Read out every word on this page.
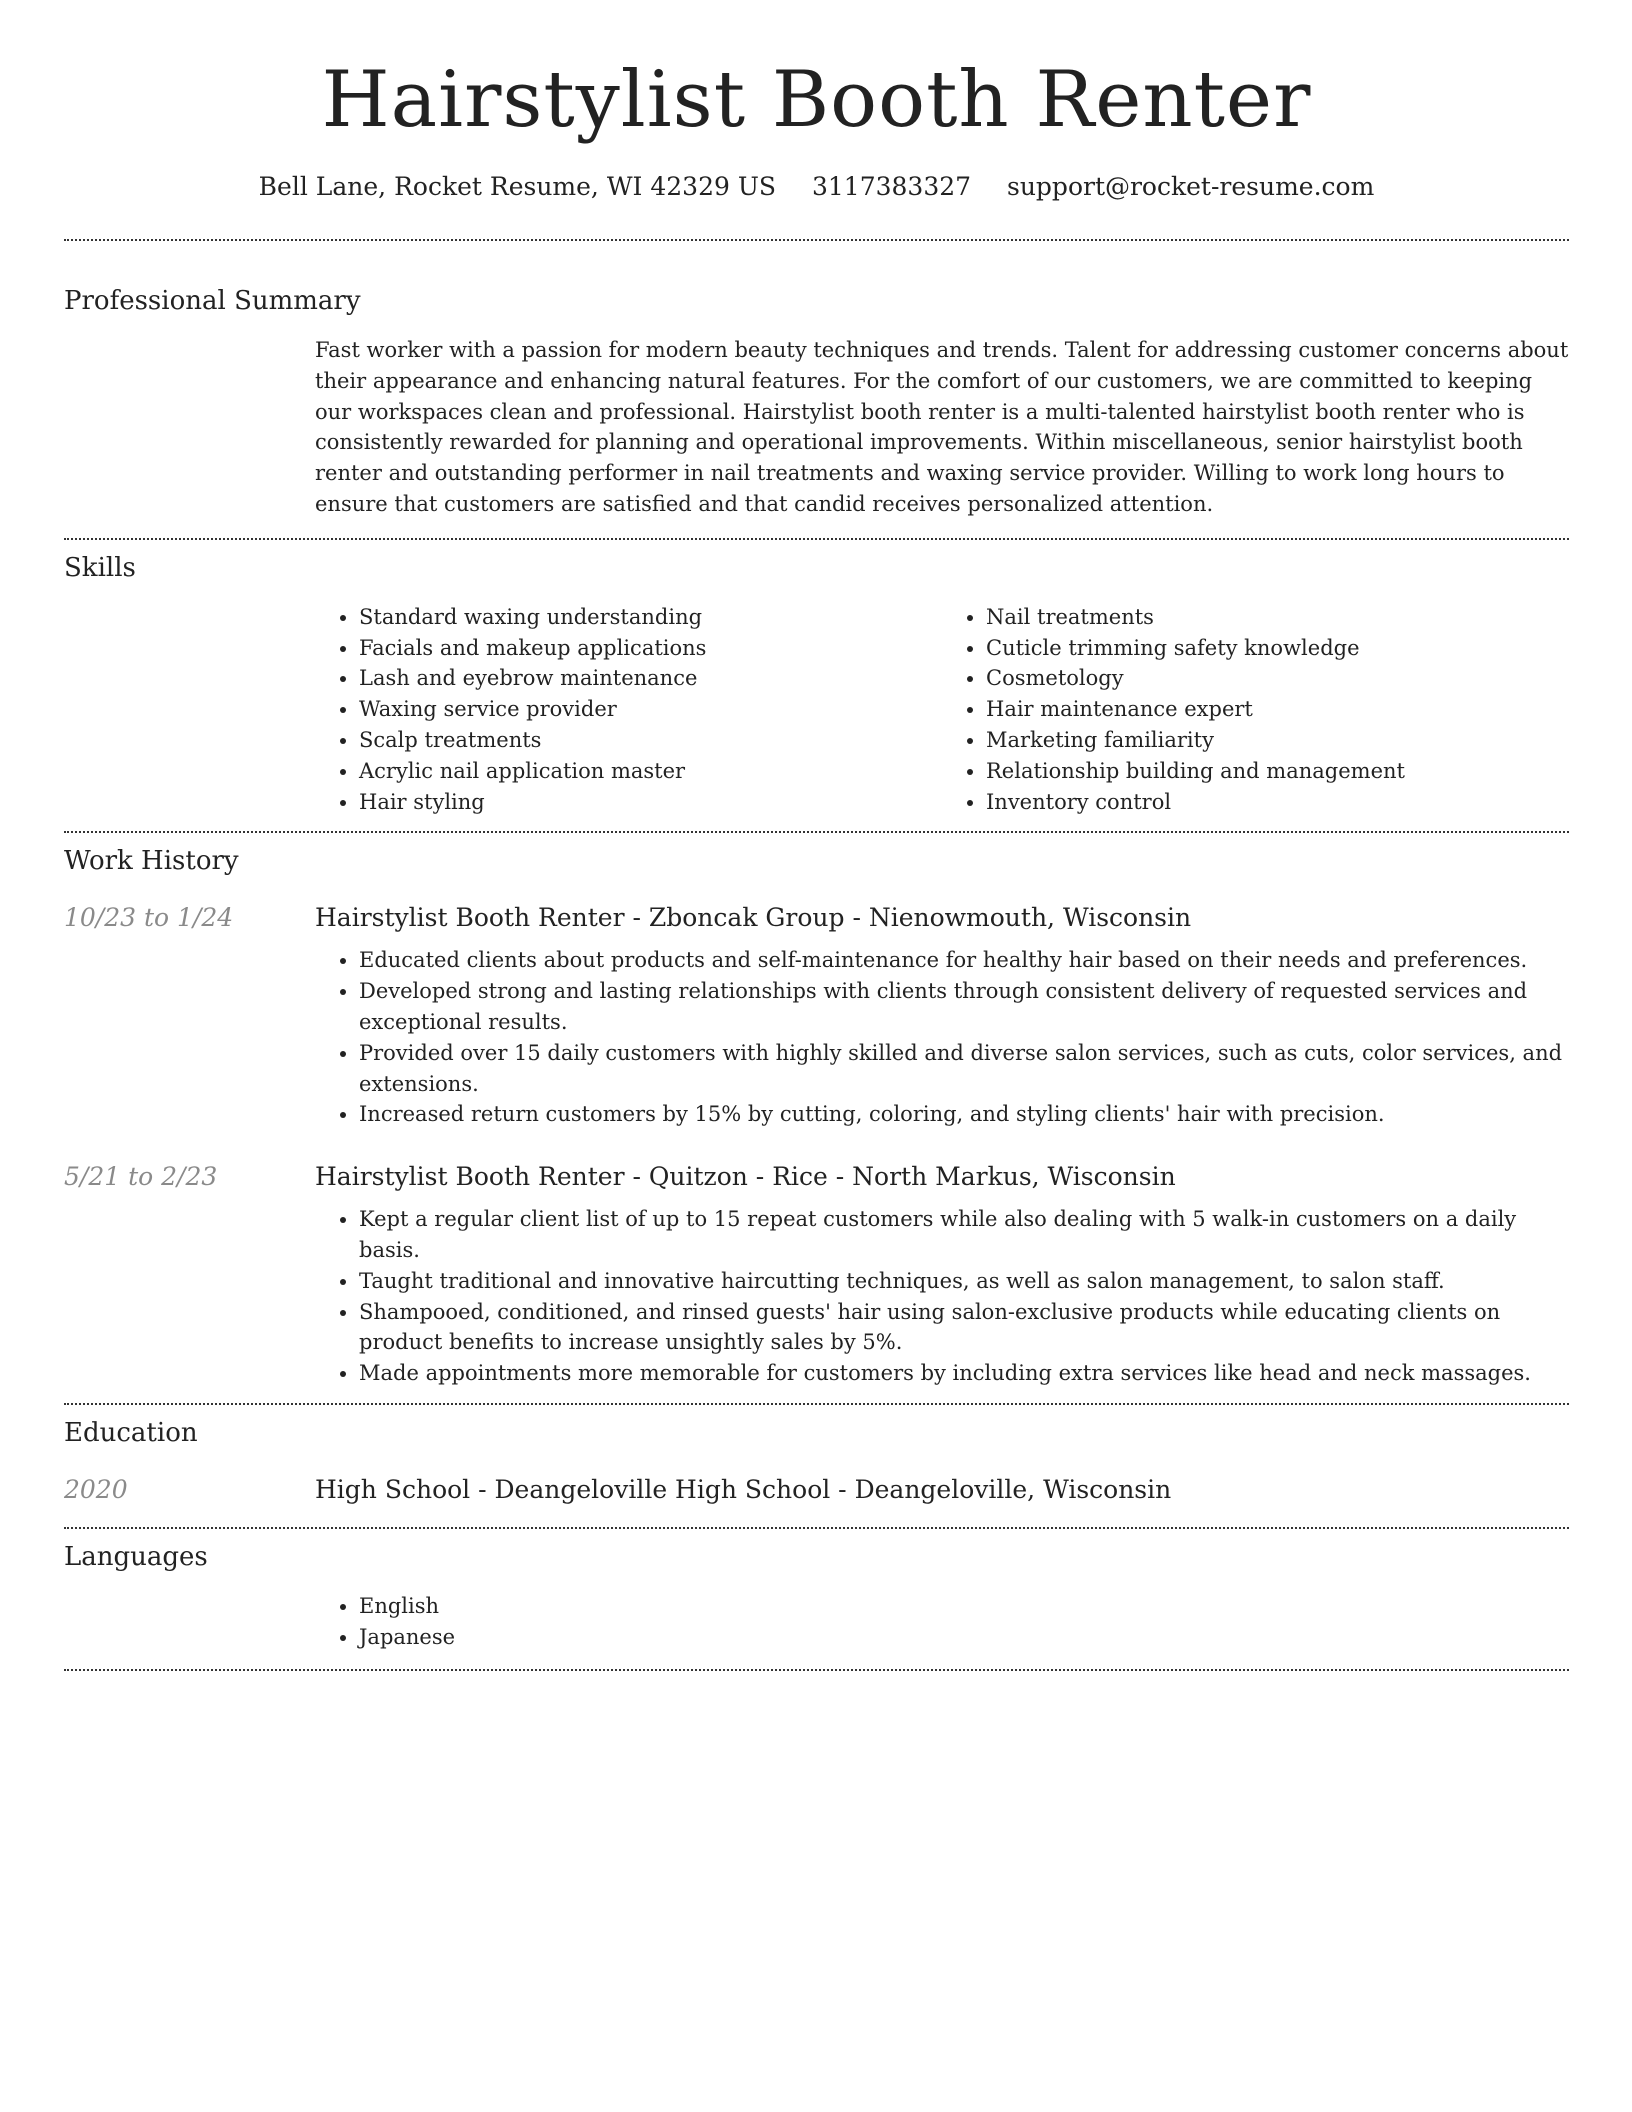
Hairstylist Booth Renter
Bell Lane, Rocket Resume, WI 42329 US 3117383327 support@rocket-resume.com
Professional Summary
Fast worker with a passion for modern beauty techniques and trends. Talent for addressing customer concerns about their appearance and enhancing natural features. For the comfort of our customers, we are committed to keeping our workspaces clean and professional. Hairstylist booth renter is a multi-talented hairstylist booth renter who is consistently rewarded for planning and operational improvements. Within miscellaneous, senior hairstylist booth renter and outstanding performer in nail treatments and waxing service provider. Willing to work long hours to ensure that customers are satisfied and that candid receives personalized attention.
Skills
• Standard waxing understanding
• Facials and makeup applications
• Lash and eyebrow maintenance
• Waxing service provider
• Scalp treatments
• Acrylic nail application master
• Hair styling
• Nail treatments
• Cuticle trimming safety knowledge
• Cosmetology
• Hair maintenance expert
• Marketing familiarity
• Relationship building and management
• Inventory control
Work History
10/23 to 1/24	Hairstylist Booth Renter - Zboncak Group - Nienowmouth, Wisconsin
• Educated clients about products and self-maintenance for healthy hair based on their needs and preferences.
• Developed strong and lasting relationships with clients through consistent delivery of requested services and exceptional results.
• Provided over 15 daily customers with highly skilled and diverse salon services, such as cuts, color services, and extensions.
• Increased return customers by 15% by cutting, coloring, and styling clients' hair with precision.
5/21 to 2/23	Hairstylist Booth Renter - Quitzon - Rice - North Markus, Wisconsin
• Kept a regular client list of up to 15 repeat customers while also dealing with 5 walk-in customers on a daily basis.
• Taught traditional and innovative haircutting techniques, as well as salon management, to salon staff.
• Shampooed, conditioned, and rinsed guests' hair using salon-exclusive products while educating clients on product benefits to increase unsightly sales by 5%.
• Made appointments more memorable for customers by including extra services like head and neck massages.
Education
2020	High School - Deangeloville High School - Deangeloville, Wisconsin
Languages
• English
• Japanese
